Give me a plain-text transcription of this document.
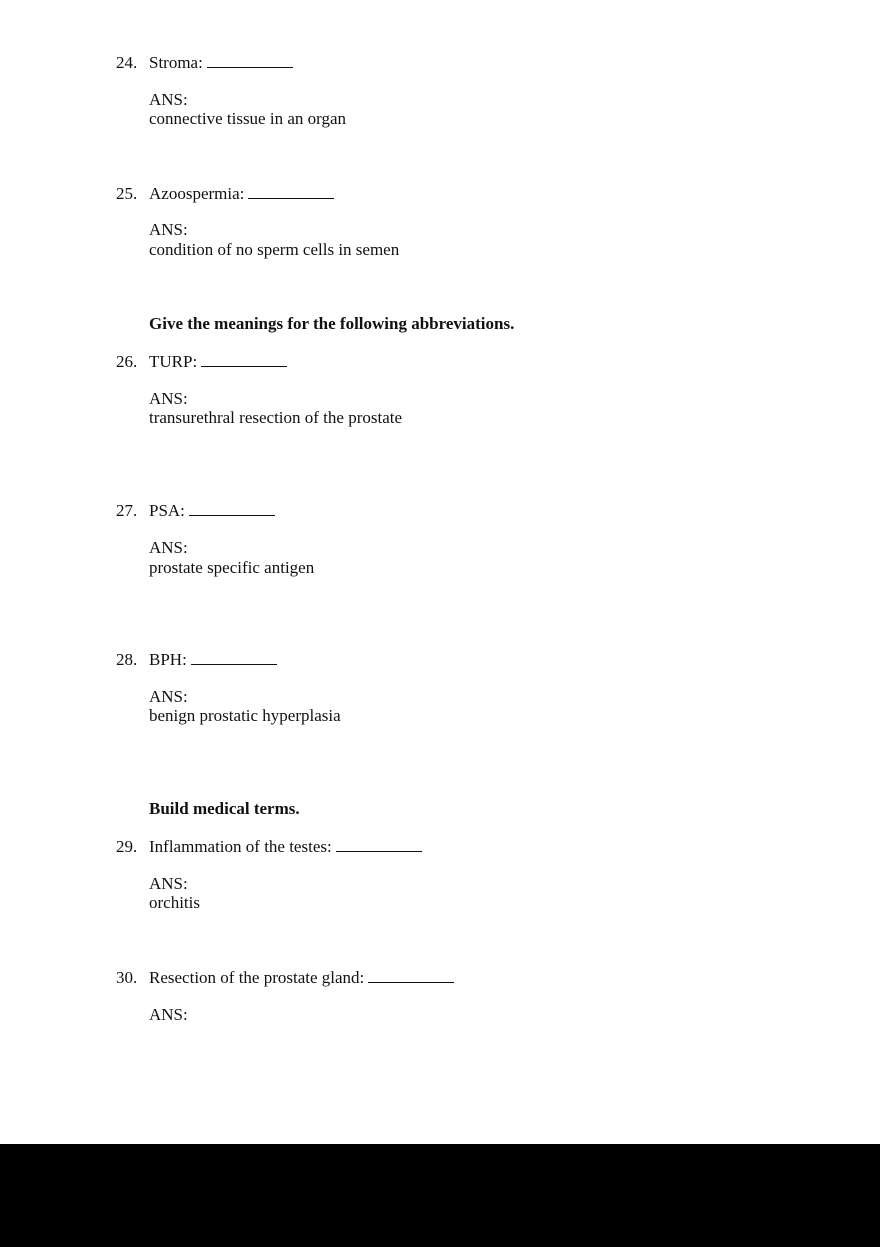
24. Stroma:
ANS:
connective tissue in an organ
25. Azoospermia:
ANS:
condition of no sperm cells in semen
Give the meanings for the following abbreviations.
26. TURP:
ANS:
transurethral resection of the prostate
27. PSA:
ANS:
prostate specific antigen
28. BPH:
ANS:
benign prostatic hyperplasia
Build medical terms.
29. Inflammation of the testes:
ANS:
orchitis
30. Resection of the prostate gland:
ANS:
